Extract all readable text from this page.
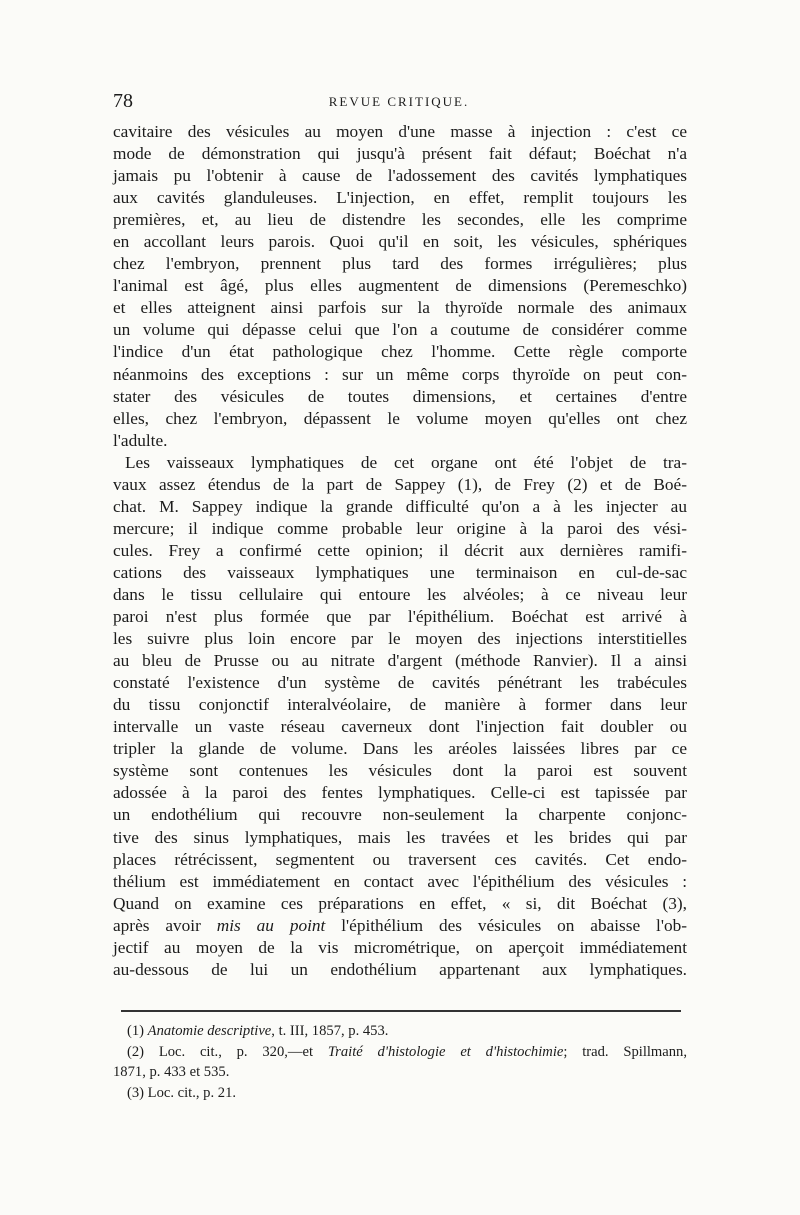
78	REVUE CRITIQUE.
cavitaire des vésicules au moyen d'une masse à injection : c'est ce
mode de démonstration qui jusqu'à présent fait défaut; Boéchat n'a
jamais pu l'obtenir à cause de l'adossement des cavités lymphatiques
aux cavités glanduleuses. L'injection, en effet, remplit toujours les
premières, et, au lieu de distendre les secondes, elle les comprime
en accollant leurs parois. Quoi qu'il en soit, les vésicules, sphériques
chez l'embryon, prennent plus tard des formes irrégulières; plus
l'animal est âgé, plus elles augmentent de dimensions (Peremeschko)
et elles atteignent ainsi parfois sur la thyroïde normale des animaux
un volume qui dépasse celui que l'on a coutume de considérer comme
l'indice d'un état pathologique chez l'homme. Cette règle comporte
néanmoins des exceptions : sur un même corps thyroïde on peut con-
stater des vésicules de toutes dimensions, et certaines d'entre
elles, chez l'embryon, dépassent le volume moyen qu'elles ont chez
l'adulte.
Les vaisseaux lymphatiques de cet organe ont été l'objet de tra-
vaux assez étendus de la part de Sappey (1), de Frey (2) et de Boé-
chat. M. Sappey indique la grande difficulté qu'on a à les injecter au
mercure; il indique comme probable leur origine à la paroi des vési-
cules. Frey a confirmé cette opinion; il décrit aux dernières ramifi-
cations des vaisseaux lymphatiques une terminaison en cul-de-sac
dans le tissu cellulaire qui entoure les alvéoles; à ce niveau leur
paroi n'est plus formée que par l'épithélium. Boéchat est arrivé à
les suivre plus loin encore par le moyen des injections interstitielles
au bleu de Prusse ou au nitrate d'argent (méthode Ranvier). Il a ainsi
constaté l'existence d'un système de cavités pénétrant les trabécules
du tissu conjonctif interalvéolaire, de manière à former dans leur
intervalle un vaste réseau caverneux dont l'injection fait doubler ou
tripler la glande de volume. Dans les aréoles laissées libres par ce
système sont contenues les vésicules dont la paroi est souvent
adossée à la paroi des fentes lymphatiques. Celle-ci est tapissée par
un endothélium qui recouvre non-seulement la charpente conjonc-
tive des sinus lymphatiques, mais les travées et les brides qui par
places rétrécissent, segmentent ou traversent ces cavités. Cet endo-
thélium est immédiatement en contact avec l'épithélium des vésicules :
Quand on examine ces préparations en effet, « si, dit Boéchat (3),
après avoir mis au point l'épithélium des vésicules on abaisse l'ob-
jectif au moyen de la vis micrométrique, on aperçoit immédiatement
au-dessous de lui un endothélium appartenant aux lymphatiques.
(1) Anatomie descriptive, t. III, 1857, p. 453.
(2) Loc. cit., p. 320,—et Traité d'histologie et d'histochimie; trad. Spillmann,
1871, p. 433 et 535.
(3) Loc. cit., p. 21.
